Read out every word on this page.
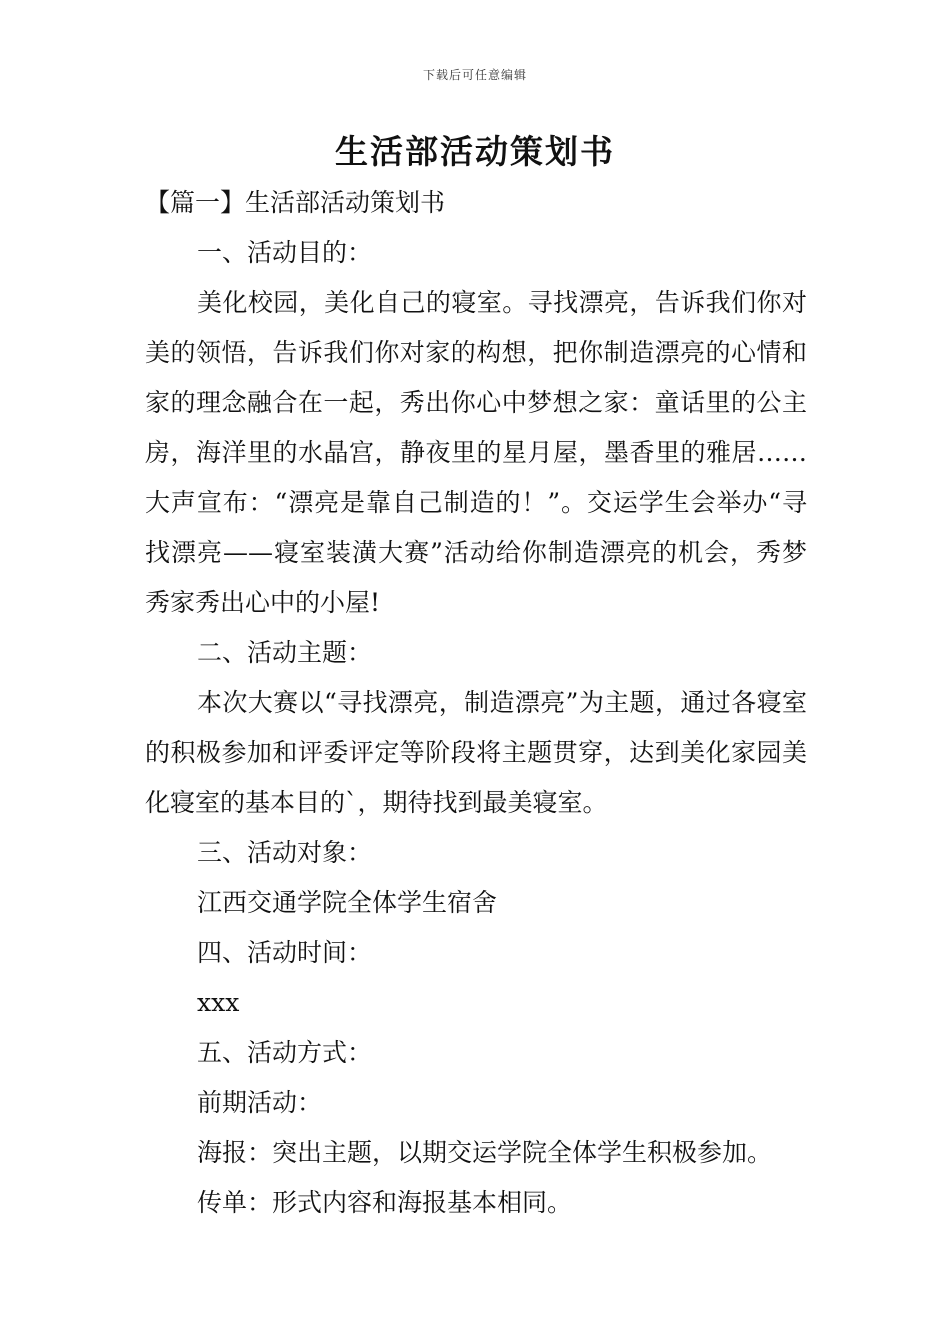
下载后可任意编辑
生活部活动策划书

【篇一】生活部活动策划书

一、活动目的：

美化校园，美化自己的寝室。寻找漂亮，告诉我们你对美的领悟，告诉我们你对家的构想，把你制造漂亮的心情和家的理念融合在一起，秀出你心中梦想之家：童话里的公主房，海洋里的水晶宫，静夜里的星月屋，墨香里的雅居……大声宣布：“漂亮是靠自己制造的！”。交运学生会举办“寻找漂亮——寝室装潢大赛”活动给你制造漂亮的机会，秀梦秀家秀出心中的小屋!

二、活动主题：

本次大赛以“寻找漂亮，制造漂亮”为主题，通过各寝室的积极参加和评委评定等阶段将主题贯穿，达到美化家园美化寝室的基本目的`，期待找到最美寝室。

三、活动对象：

江西交通学院全体学生宿舍

四、活动时间：

xxx

五、活动方式：

前期活动：

海报：突出主题，以期交运学院全体学生积极参加。

传单：形式内容和海报基本相同。
